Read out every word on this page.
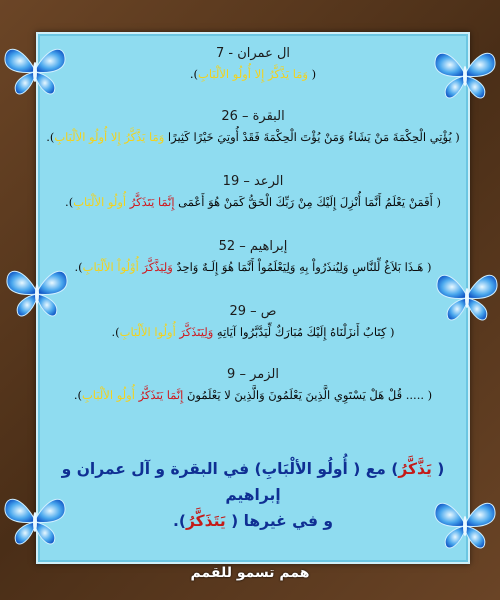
ال عمران - 7
( وَمَا يَذَّكَّرُ إِلا أُولُو الألْبَابِ).
البقرة – 26
( يُؤْتِي الْحِكْمَةَ مَنْ يَشَاءُ وَمَنْ يُؤْتَ الْحِكْمَةَ فَقَدْ أُوتِيَ خَيْرًا كَثِيرًا وَمَا يَذَّكَّرُ إِلا أُولُو الألْبَابِ).
الرعد – 19
( أَفَمَنْ يَعْلَمُ أَنَّمَا أُنْزِلَ إِلَيْكَ مِنْ رَبِّكَ الْحَقُّ كَمَنْ هُوَ أَعْمَى إِنَّمَا يَتَذَكَّرُ أُولُو الألْبَابِ).
إبراهيم – 52
( هَـذَا بَلاَغٌ لِّلنَّاسِ وَلِيُنذَرُواْ بِهِ وَلِيَعْلَمُواْ أَنَّمَا هُوَ إِلَـهٌ وَاحِدٌ وَلِيَذَّكَّرَ أُوْلُواْ الأَلْبَابِ).
ص – 29
( كِتَابٌ أَنزَلْنَاهُ إِلَيْكَ مُبَارَكٌ لِّيَدَّبَّرُوا آيَاتِهِ وَلِيَتَذَكَّرَ أُولُوا الأَلْبَابِ).
الزمر – 9
( ..... قُلْ هَلْ يَسْتَوِي الَّذِينَ يَعْلَمُونَ وَالَّذِينَ لا يَعْلَمُونَ إِنَّمَا يَتَذَكَّرُ أُولُو الألْبَابِ).
( يَذَّكَّرُ) مع ( أُولُو الألْبَابِ) في البقرة و آل عمران و إبراهيم
و في غيرها ( يَتَذَكَّرُ).
همم تسمو للقمم
